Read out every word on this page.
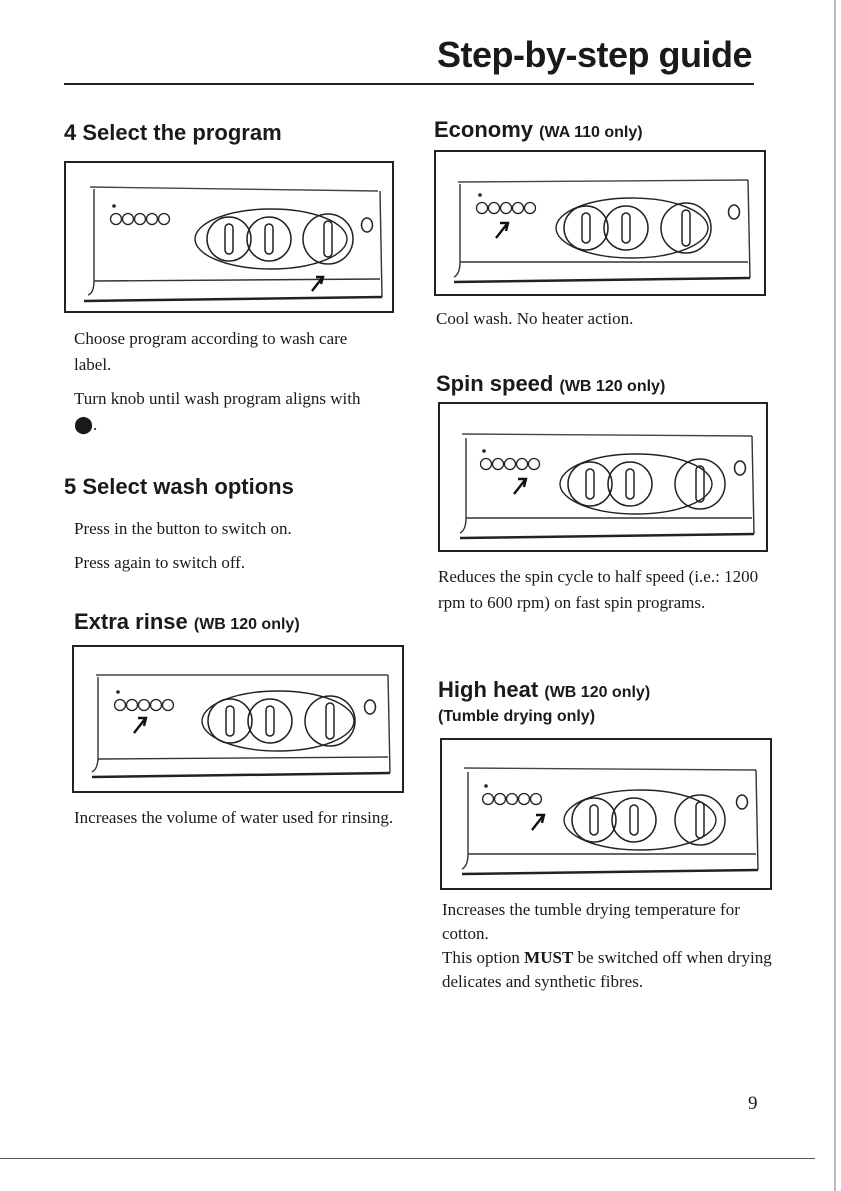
Step-by-step guide
4 Select the program

Choose program according to wash care label.

Turn knob until wash program aligns with ⬤.

5 Select wash options

Press in the button to switch on.

Press again to switch off.

Extra rinse (WB 120 only)
Increases the volume of water used for rinsing.
Economy (WA 110 only)
Cool wash. No heater action.
Spin speed (WB 120 only)
Reduces the spin cycle to half speed (i.e.: 1200 rpm to 600 rpm) on fast spin programs.
High heat (WB 120 only)
(Tumble drying only)

Increases the tumble drying temperature for cotton.

This option MUST be switched off when drying delicates and synthetic fibres.

9
